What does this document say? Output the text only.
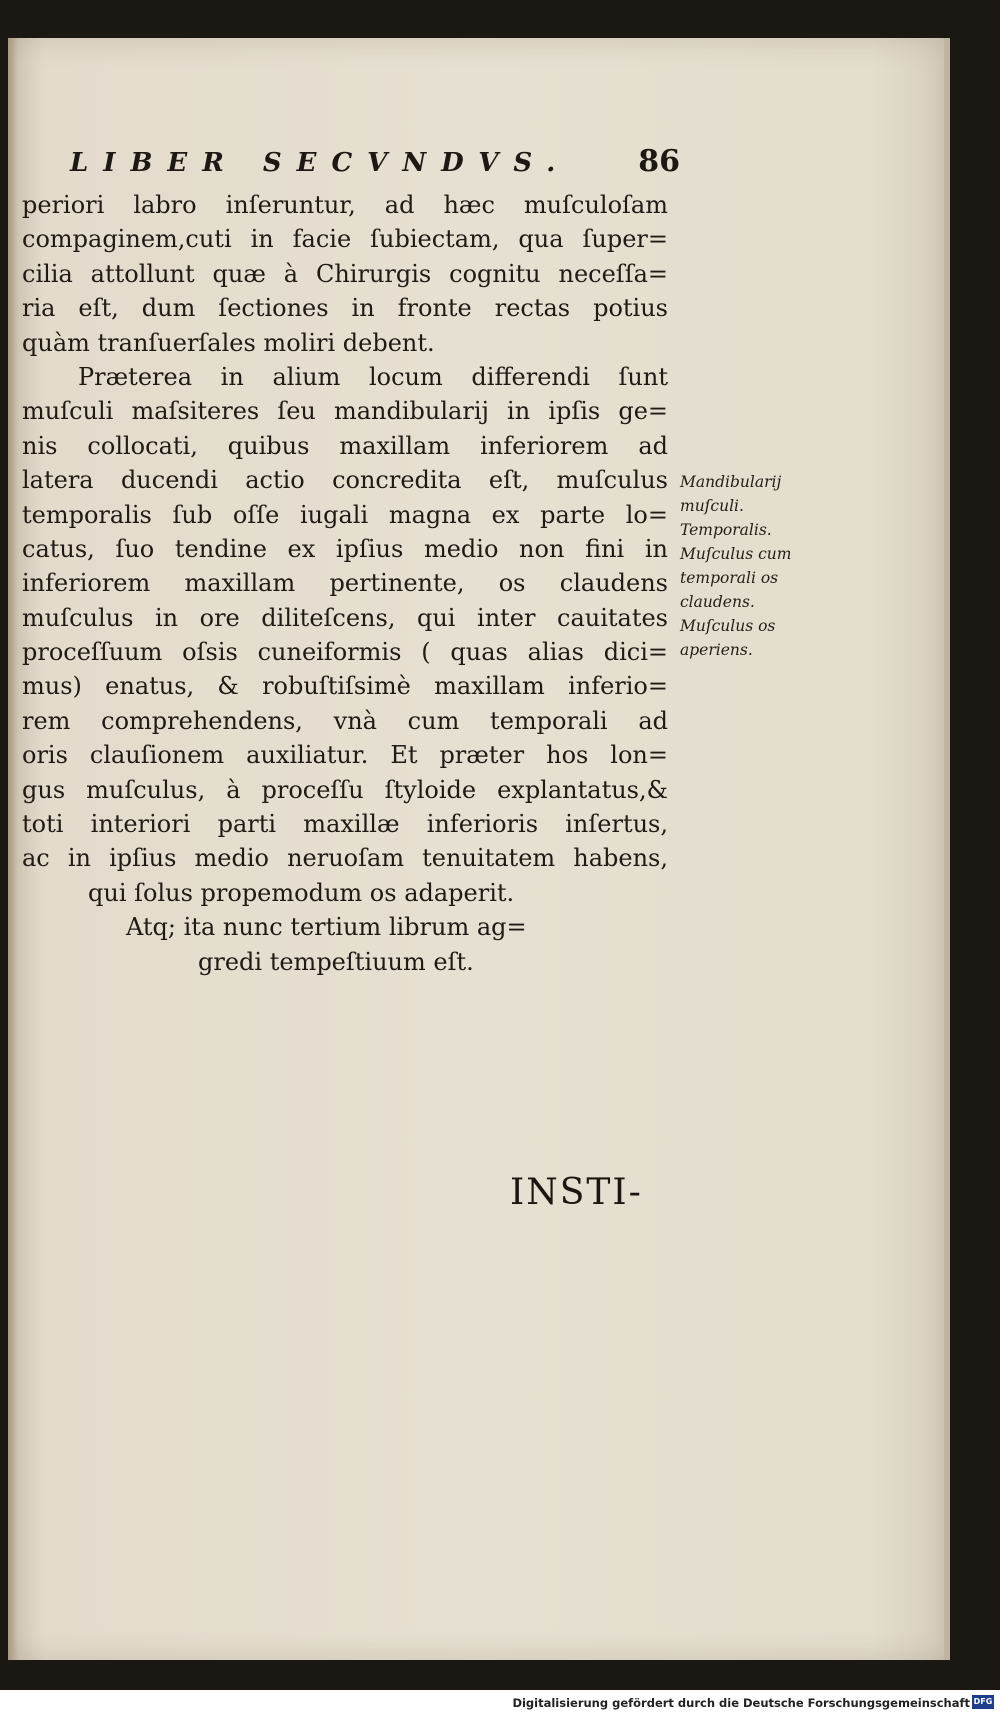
LIBER SECVNDVS. 86
periori labro inſeruntur, ad hæc muſculoſam
compaginem,cuti in facie ſubiectam, qua ſuper=
cilia attollunt quæ à Chirurgis cognitu neceſſa=
ria eſt, dum ſectiones in fronte rectas potius
quàm tranſuerſales moliri debent.
Præterea in alium locum differendi ſunt
muſculi maſsiteres ſeu mandibularij in ipſis ge=
nis collocati, quibus maxillam inferiorem ad
latera ducendi actio concredita eſt, muſculus
temporalis ſub oſſe iugali magna ex parte lo=
catus, ſuo tendine ex ipſius medio non fini in
inferiorem maxillam pertinente, os claudens
muſculus in ore diliteſcens, qui inter cauitates
proceſſuum oſsis cuneiformis ( quas alias dici=
mus) enatus, & robuſtiſsimè maxillam inferio=
rem comprehendens, vnà cum temporali ad
oris clauſionem auxiliatur. Et præter hos lon=
gus muſculus, à proceſſu ſtyloide explantatus,&
toti interiori parti maxillæ inferioris inſertus,
ac in ipſius medio neruoſam tenuitatem habens,
qui ſolus propemodum os adaperit.
Atq; ita nunc tertium librum ag=
gredi tempeſtiuum eſt.
Mandibularij
muſculi.
Temporalis.
Muſculus cum
temporali os
claudens.
Muſculus os
aperiens.
INSTI-
Digitalisierung gefördert durch die Deutsche Forschungsgemeinschaft DFG
